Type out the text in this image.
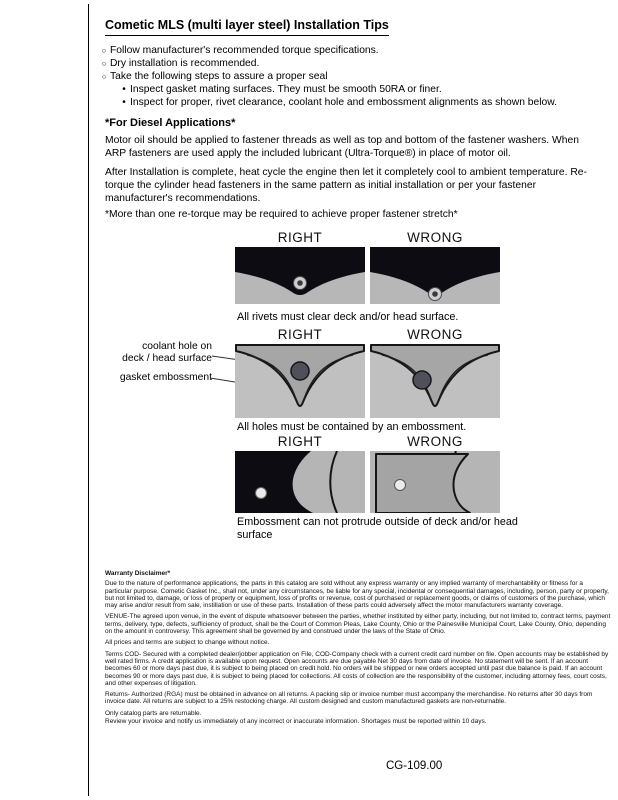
Cometic MLS (multi layer steel) Installation Tips
○
Follow manufacturer's recommended torque specifications.
○
Dry installation is recommended.
○
Take the following steps to assure a proper seal
•
Inspect gasket mating surfaces. They must be smooth 50RA or finer.
•
Inspect for proper, rivet clearance, coolant hole and embossment alignments as shown below.
*For Diesel Applications*
Motor oil should be applied to fastener threads as well as top and bottom of the fastener washers. When ARP fasteners are used apply the included lubricant (Ultra-Torque®) in place of motor oil.
After Installation is complete, heat cycle the engine then let it completely cool to ambient temperature. Re-torque the cylinder head fasteners in the same pattern as initial installation or per your fastener manufacturer's recommendations.
*More than one re-torque may be required to achieve proper fastener stretch*
RIGHT	WRONG
All rivets must clear deck and/or head surface.
RIGHT	WRONG
coolant hole on
deck / head surface
gasket embossment
All holes must be contained by an embossment.
RIGHT	WRONG
Embossment can not protrude outside of deck and/or head surface
Warranty Disclaimer*

Due to the nature of performance applications, the parts in this catalog are sold without any express warranty or any implied warranty of merchantability or fitness for a particular purpose. Cometic Gasket Inc., shall not, under any circumstances, be liable for any special, incidental or consequential damages, including, person, party or property, but not limited to, damage, or loss of property or equipment, loss of profits or revenue, cost of purchased or replacement goods, or claims of customers of the purchase, which may arise and/or result from sale, instillation or use of these parts. Installation of these parts could adversely affect the motor manufacturers warranty coverage.

VENUE-The agreed upon venue, in the event of dispute whatsoever between the parties, whether instituted by either party, including, but not limited to, contract terms, payment terms, delivery, type, defects, sufficiency of product, shall be the Court of Common Pleas, Lake County, Ohio or the Painesville Municipal Court, Lake County, Ohio, depending on the amount in controversy. This agreement shall be governed by and construed under the laws of the State of Ohio.

All prices and terms are subject to change without notice.

Terms COD- Secured with a completed dealer/jobber application on File, COD-Company check with a current credit card number on file. Open accounts may be established by well rated firms. A credit application is available upon request. Open accounts are due payable Net 30 days from date of invoice. No statement will be sent. If an account becomes 60 or more days past due, it is subject to being placed on credit hold. No orders will be shipped or new orders accepted until past due balance is paid. If an account becomes 90 or more days past due, it is subject to being placed for collections. All costs of collection are the responsibility of the customer, including attorney fees, court costs, and other expenses of litigation.

Returns- Authorized (RGA) must be obtained in advance on all returns. A packing slip or invoice number must accompany the merchandise. No returns after 30 days from invoice date. All returns are subject to a 25% restocking charge. All custom designed and custom manufactured gaskets are non-returnable.

Only catalog parts are returnable.

Review your invoice and notify us immediately of any incorrect or inaccurate information. Shortages must be reported within 10 days.

CG-109.00
